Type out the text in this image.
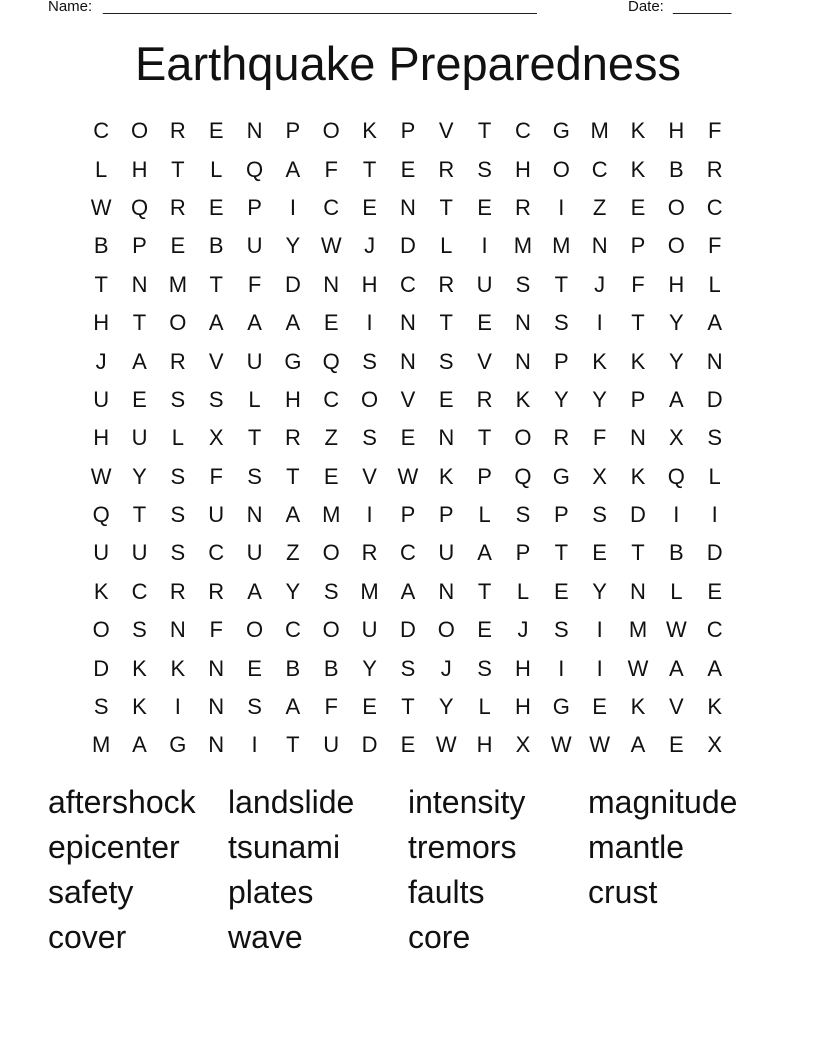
Name: ____________________________________________________	Date: _______
Earthquake Preparedness
C O R	E	N	P	O	K	P	V	T	C G M K	H	F
L	H	T	L	Q	A	F	T	E	R	S	H O C	K	B	R
W Q R	E	P	I	C	E	N	T	E	R	I	Z	E	O C
B	P	E	B	U	Y W	J	D	L	I	M M N	P	O	F
T	N M	T	F	D	N	H	C	R	U	S	T	J	F	H	L
H	T	O	A	A	A	E	I	N	T	E	N	S	I	T	Y	A
J	A	R	V	U G Q	S	N	S	V	N	P	K	K	Y	N
U	E	S	S	L	H	C O	V	E	R	K	Y	Y	P	A	D
H	U	L	X	T	R	Z	S	E	N	T	O R	F	N	X	S
W Y	S	F	S	T	E	V W K	P	Q G	X	K	Q	L
Q	T	S	U	N	A M	I	P	P	L	S	P	S	D	I	I
U	U	S	C	U	Z	O R	C	U	A	P	T	E	T	B	D
K	C	R	R	A	Y	S M A	N	T	L	E	Y	N	L	E
O	S	N	F	O C O U	D O	E	J	S	I	M W C
D	K	K	N	E	B	B	Y	S	J	S	H	I	I	W A	A
S	K	I	N	S	A	F	E	T	Y	L	H G	E	K	V	K
M A	G N	I	T	U	D	E W H	X W W A	E	X
aftershock	landslide	intensity	magnitude
epicenter	tsunami	tremors	mantle
safety	plates	faults	crust
cover	wave	core
